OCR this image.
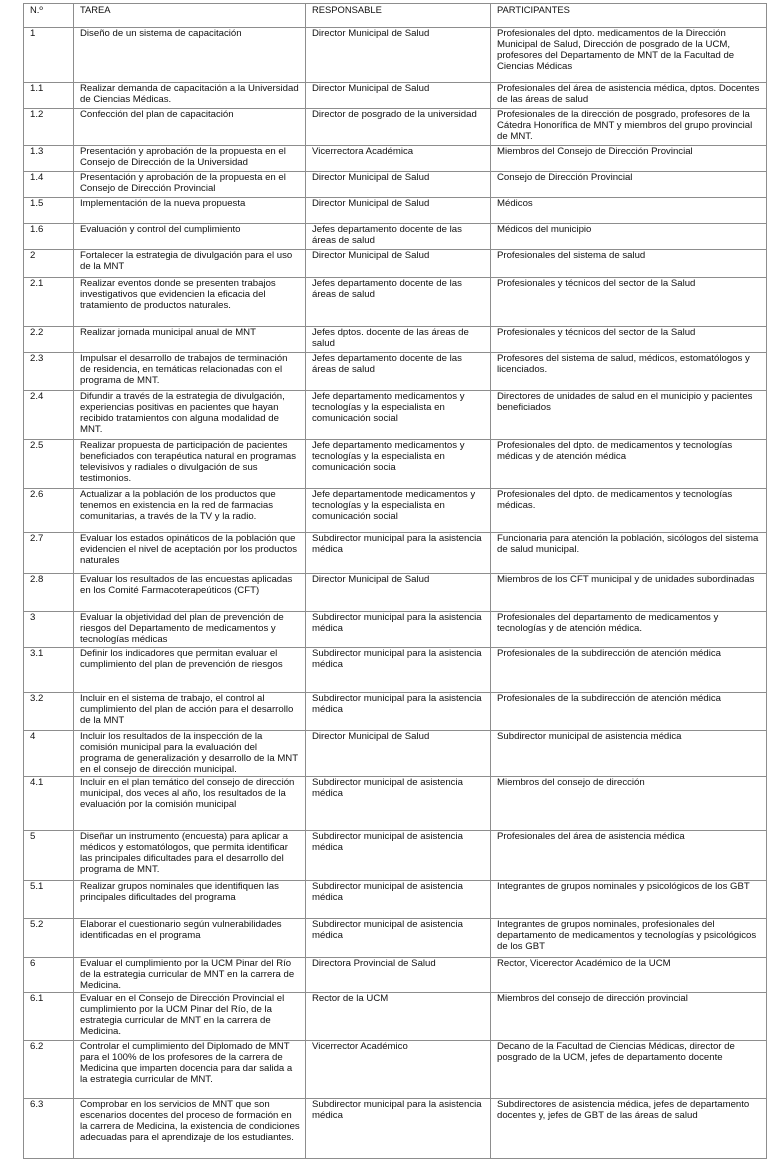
N.º	TAREA	RESPONSABLE	PARTICIPANTES
1	Diseño de un sistema de capacitación	Director Municipal de Salud	Profesionales del dpto. medicamentos de la Dirección Municipal de Salud, Dirección de posgrado de la UCM, profesores del Departamento de MNT de la Facultad de Ciencias Médicas
1.1	Realizar demanda de capacitación a la Universidad de Ciencias Médicas.	Director Municipal de Salud	Profesionales del área de asistencia médica, dptos. Docentes de las áreas de salud
1.2	Confección del plan de capacitación	Director de posgrado de la universidad	Profesionales de la dirección de posgrado, profesores de la Cátedra Honorífica de MNT y miembros del grupo provincial de MNT.
1.3	Presentación y aprobación de la propuesta en el Consejo de Dirección de la Universidad	Vicerrectora Académica	Miembros del Consejo de Dirección Provincial
1.4	Presentación y aprobación de la propuesta en el Consejo de Dirección Provincial	Director Municipal de Salud	Consejo de Dirección Provincial
1.5	Implementación de la nueva propuesta	Director Municipal de Salud	Médicos
1.6	Evaluación y control del cumplimiento	Jefes departamento docente de las áreas de salud	Médicos del municipio
2	Fortalecer la estrategia de divulgación para el uso de la MNT	Director Municipal de Salud	Profesionales del sistema de salud
2.1	Realizar eventos donde se presenten trabajos investigativos que evidencien la eficacia del tratamiento de productos naturales.	Jefes departamento docente de las áreas de salud	Profesionales y técnicos del sector de la Salud
2.2	Realizar jornada municipal anual de MNT	Jefes dptos. docente de las áreas de salud	Profesionales y técnicos del sector de la Salud
2.3	Impulsar el desarrollo de trabajos de terminación de residencia, en temáticas relacionadas con el programa de MNT.	Jefes departamento docente de las áreas de salud	Profesores del sistema de salud, médicos, estomatólogos y licenciados.
2.4	Difundir a través de la estrategia de divulgación, experiencias positivas en pacientes que hayan recibido tratamientos con alguna modalidad de MNT.	Jefe departamento medicamentos y tecnologías y la especialista en comunicación social	Directores de unidades de salud en el municipio y pacientes beneficiados
2.5	Realizar propuesta de participación de pacientes beneficiados con terapéutica natural en programas televisivos y radiales o divulgación de sus testimonios.	Jefe departamento medicamentos y tecnologías y la especialista en comunicación socia	Profesionales del dpto. de medicamentos y tecnologías médicas y de atención médica
2.6	Actualizar a la población de los productos que tenemos en existencia en la red de farmacias comunitarias, a través de la TV y la radio.	Jefe departamentode medicamentos y tecnologías y la especialista en comunicación social	Profesionales del dpto. de medicamentos y tecnologías médicas.
2.7	Evaluar los estados opináticos de la población que evidencien el nivel de aceptación por los productos naturales	Subdirector municipal para la asistencia médica	Funcionaria para atención la población, sicólogos del sistema de salud municipal.
2.8	Evaluar los resultados de las encuestas aplicadas en los Comité Farmacoterapeúticos (CFT)	Director Municipal de Salud	Miembros de los CFT municipal y de unidades subordinadas
3	Evaluar la objetividad del plan de prevención de riesgos del Departamento de medicamentos y tecnologías médicas	Subdirector municipal para la asistencia médica	Profesionales del departamento de medicamentos y tecnologías y de atención médica.
3.1	Definir los indicadores que permitan evaluar el cumplimiento del plan de prevención de riesgos	Subdirector municipal para la asistencia médica	Profesionales de la subdirección de atención médica
3.2	Incluir en el sistema de trabajo, el control al cumplimiento del plan de acción para el desarrollo de la MNT	Subdirector municipal para la asistencia médica	Profesionales de la subdirección de atención médica
4	Incluir los resultados de la inspección de la comisión municipal para la evaluación del programa de generalización y desarrollo de la MNT en el consejo de dirección municipal.	Director Municipal de Salud	Subdirector municipal de asistencia médica
4.1	Incluir en el plan temático del consejo de dirección municipal, dos veces al año, los resultados de la evaluación por la comisión municipal	Subdirector municipal de asistencia médica	Miembros del consejo de dirección
5	Diseñar un instrumento (encuesta) para aplicar a médicos y estomatólogos, que permita identificar las principales dificultades para el desarrollo del programa de MNT.	Subdirector municipal de asistencia médica	Profesionales del área de asistencia médica
5.1	Realizar grupos nominales que identifiquen las principales dificultades del programa	Subdirector municipal de asistencia médica	Integrantes de grupos nominales y psicológicos de los GBT
5.2	Elaborar el cuestionario según vulnerabilidades identificadas en el programa	Subdirector municipal de asistencia médica	Integrantes de grupos nominales, profesionales del departamento de medicamentos y tecnologías y psicológicos de los GBT
6	Evaluar el cumplimiento por la UCM Pinar del Río de la estrategia curricular de MNT en la carrera de Medicina.	Directora Provincial de Salud	Rector, Vicerector Académico de la UCM
6.1	Evaluar en el Consejo de Dirección Provincial el cumplimiento por la UCM Pinar del Río, de la estrategia curricular de MNT en la carrera de Medicina.	Rector de la UCM	Miembros del consejo de dirección provincial
6.2	Controlar el cumplimiento del Diplomado de MNT para el 100% de los profesores de la carrera de Medicina que imparten docencia para dar salida a la estrategia curricular de MNT.	Vicerrector Académico	Decano de la Facultad de Ciencias Médicas, director de posgrado de la UCM, jefes de departamento docente
6.3	Comprobar en los servicios de MNT que son escenarios docentes del proceso de formación en la carrera de Medicina, la existencia de condiciones adecuadas para el aprendizaje de los estudiantes.	Subdirector municipal para la asistencia médica	Subdirectores de asistencia médica, jefes de departamento docentes y, jefes de GBT de las áreas de salud
